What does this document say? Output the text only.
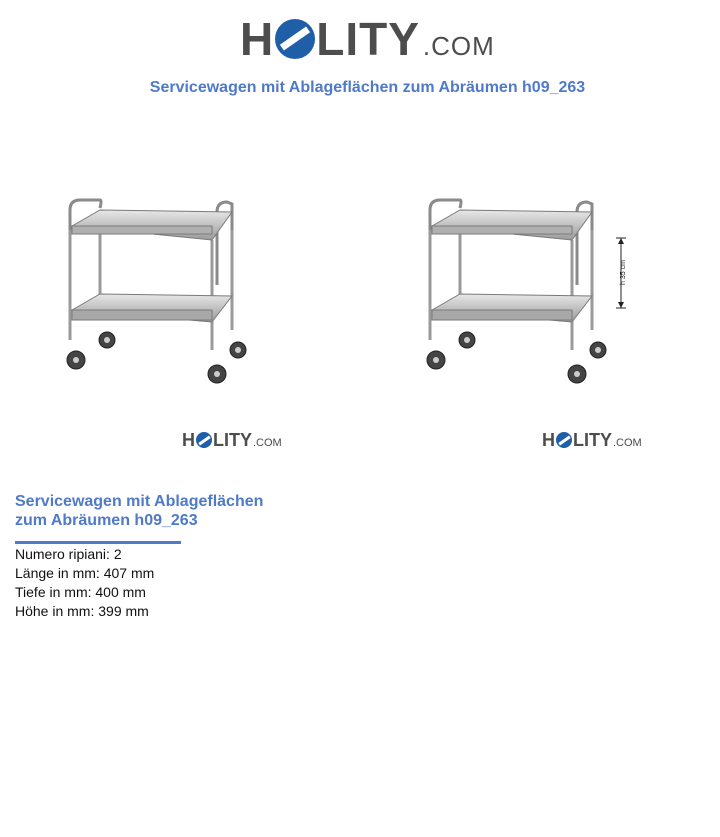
H LITY .COM
Servicewagen mit Ablageflächen zum Abräumen h09_263
h 35 cm
H LITY .COM	H LITY .COM
Servicewagen mit Ablageflächen
zum Abräumen h09_263
Numero ripiani: 2
Länge in mm: 407 mm
Tiefe in mm: 400 mm
Höhe in mm: 399 mm
